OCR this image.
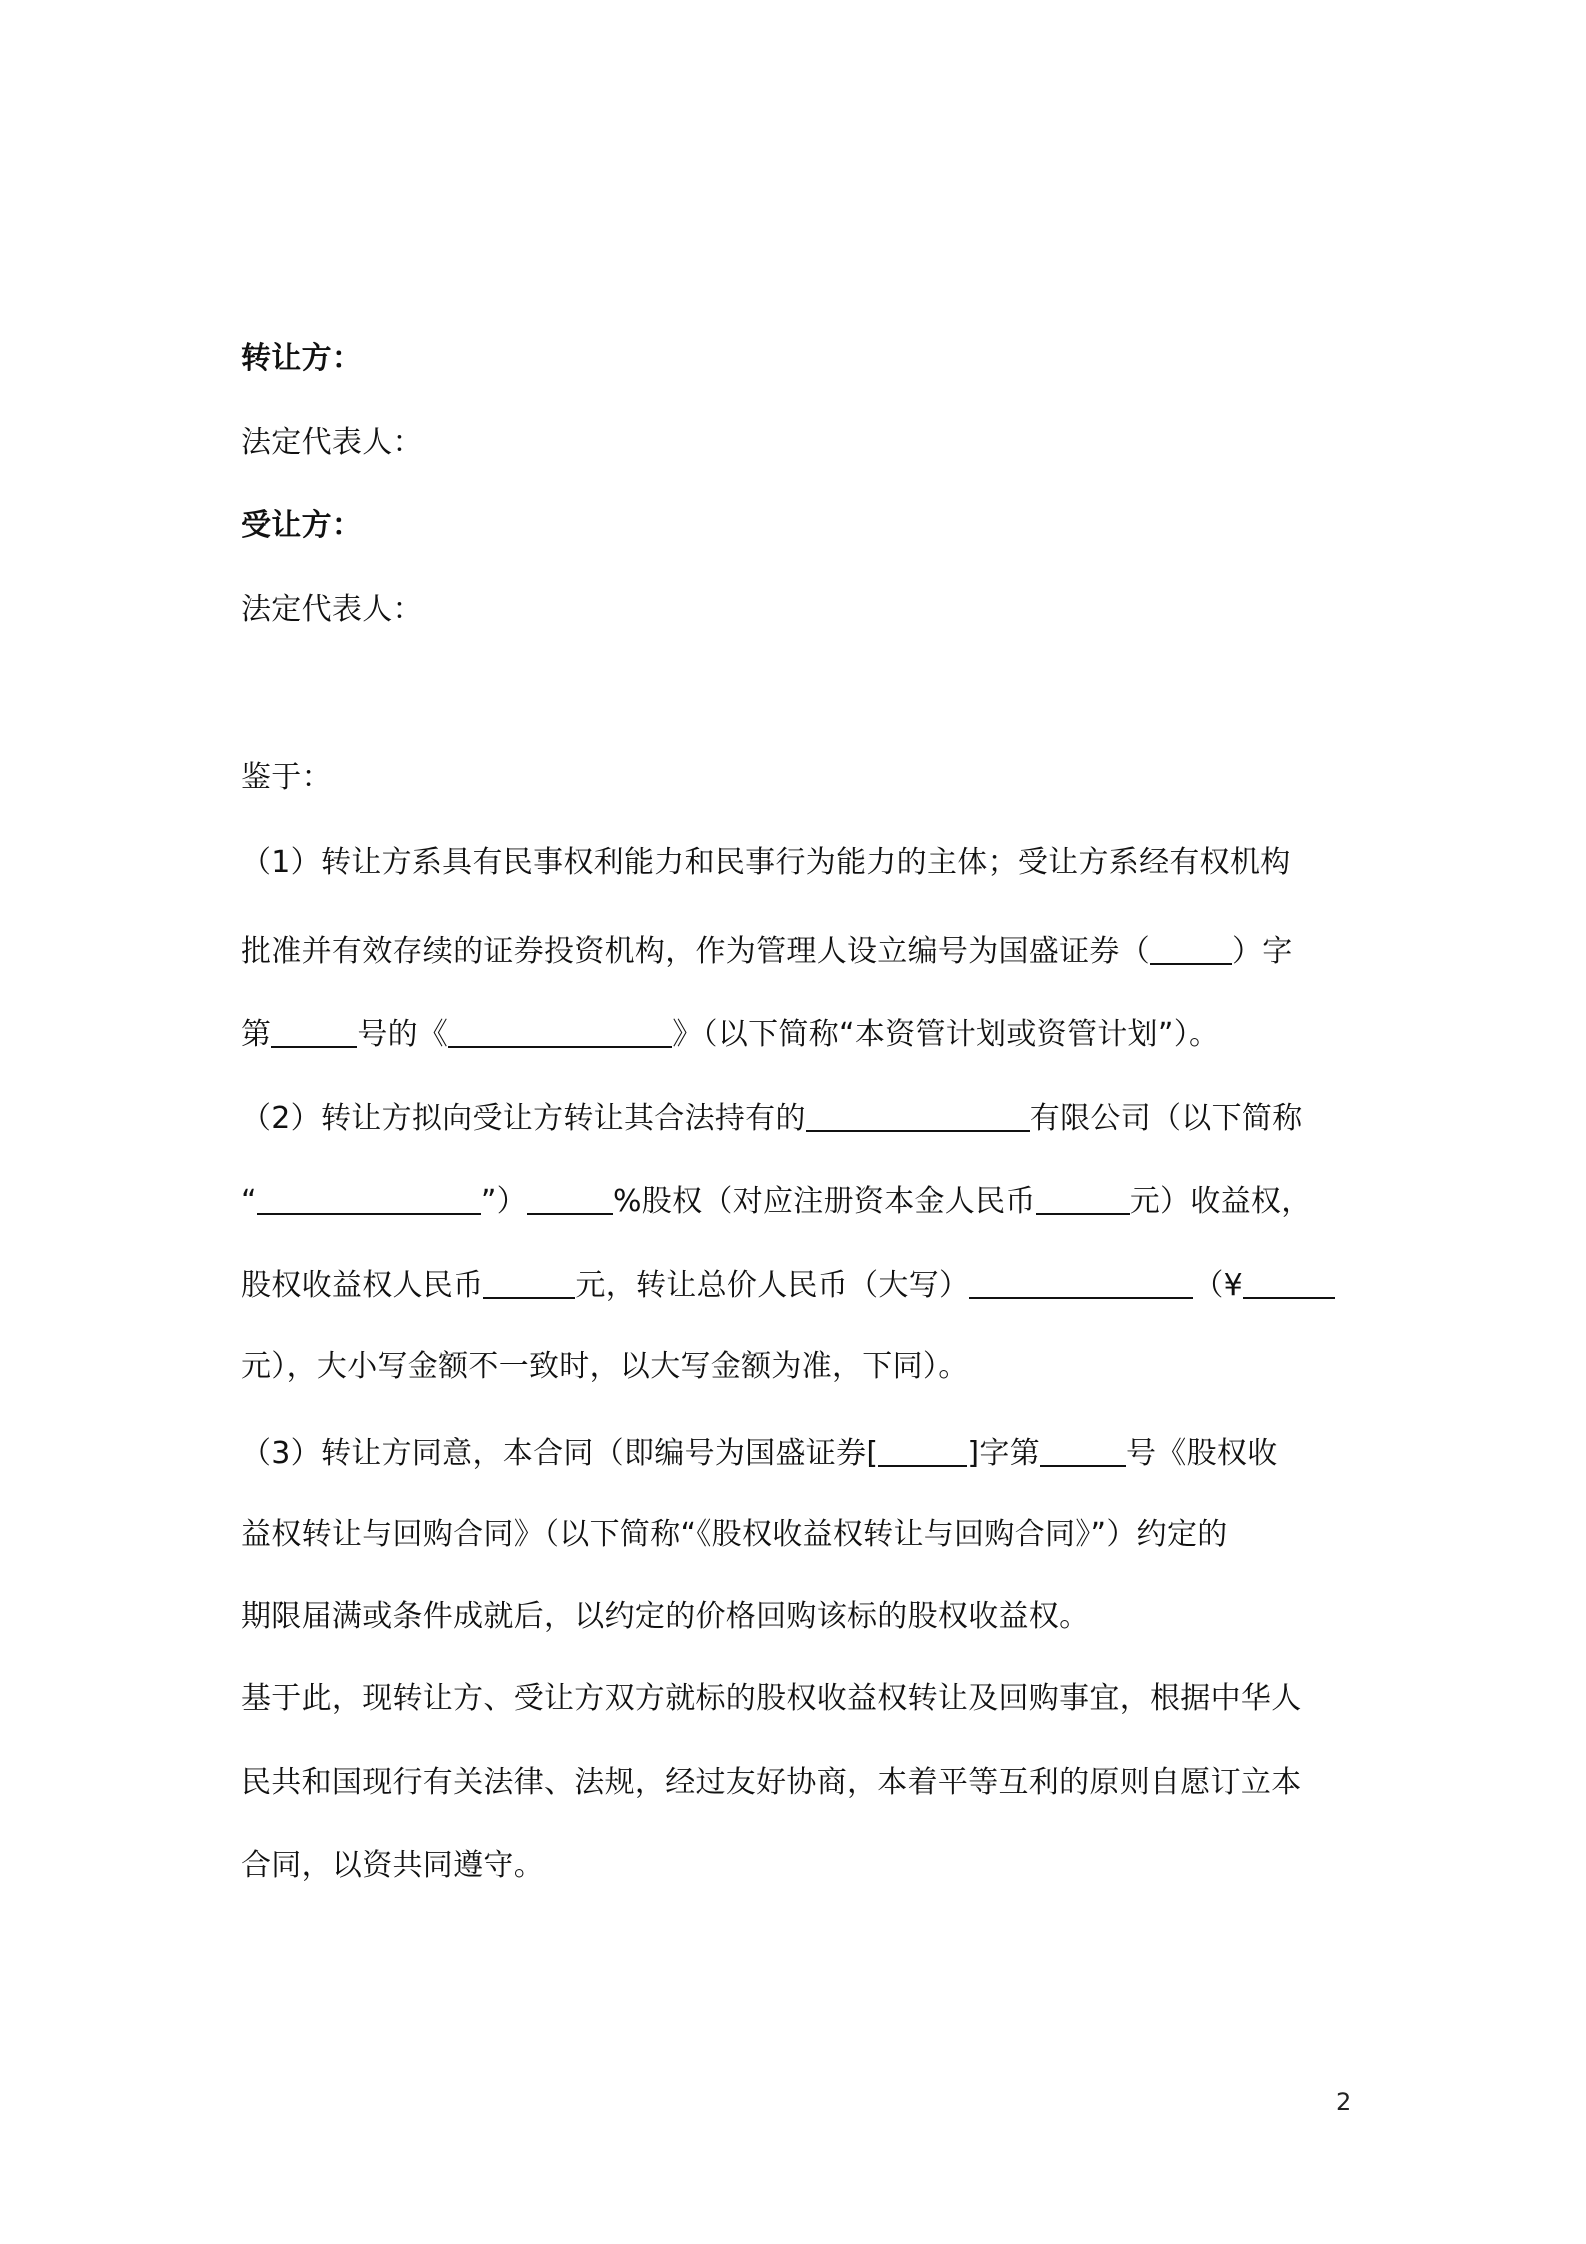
转让方：
法定代表人：
受让方：
法定代表人：
鉴于：
（1）转让方系具有民事权利能力和民事行为能力的主体；受让方系经有权机构
批准并有效存续的证券投资机构，作为管理人设立编号为国盛证券（	）字
第	号的《	》（以下简称“本资管计划或资管计划”）。
（2）转让方拟向受让方转让其合法持有的	有限公司（以下简称
“	”）	%股权（对应注册资本金人民币	元）收益权，
股权收益权人民币	元，转让总价人民币（大写）	（¥
元），大小写金额不一致时，以大写金额为准，下同）。
（3）转让方同意，本合同（即编号为国盛证券[	]字第	号《股权收
益权转让与回购合同》（以下简称“《股权收益权转让与回购合同》”）约定的
期限届满或条件成就后，以约定的价格回购该标的股权收益权。
基于此，现转让方、受让方双方就标的股权收益权转让及回购事宜，根据中华人
民共和国现行有关法律、法规，经过友好协商，本着平等互利的原则自愿订立本
合同，以资共同遵守。
2
